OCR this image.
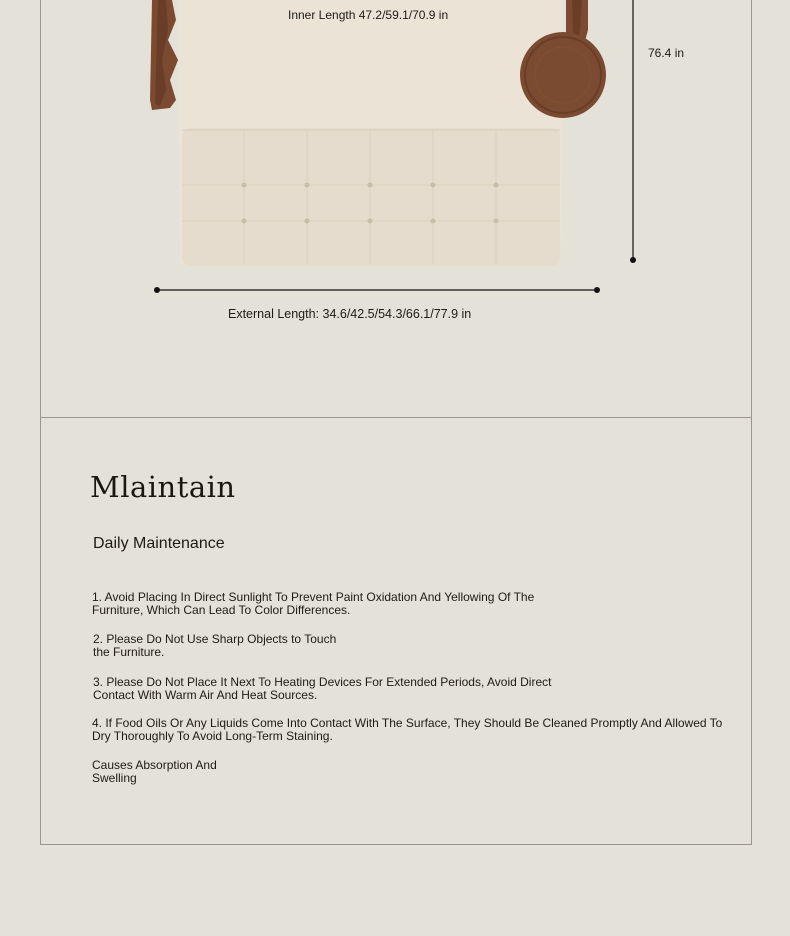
Inner Length 47.2/59.1/70.9 in
76.4 in
External Length: 34.6/42.5/54.3/66.1/77.9 in
Mlaintain
Daily Maintenance

1. Avoid Placing In Direct Sunlight To Prevent Paint Oxidation And Yellowing Of The Furniture, Which Can Lead To Color Differences.

2. Please Do Not Use Sharp Objects to Touch the Furniture.

3. Please Do Not Place It Next To Heating Devices For Extended Periods, Avoid Direct Contact With Warm Air And Heat Sources.

4. If Food Oils Or Any Liquids Come Into Contact With The Surface, They Should Be Cleaned Promptly And Allowed To Dry Thoroughly To Avoid Long-Term Staining.

Causes Absorption And Swelling
